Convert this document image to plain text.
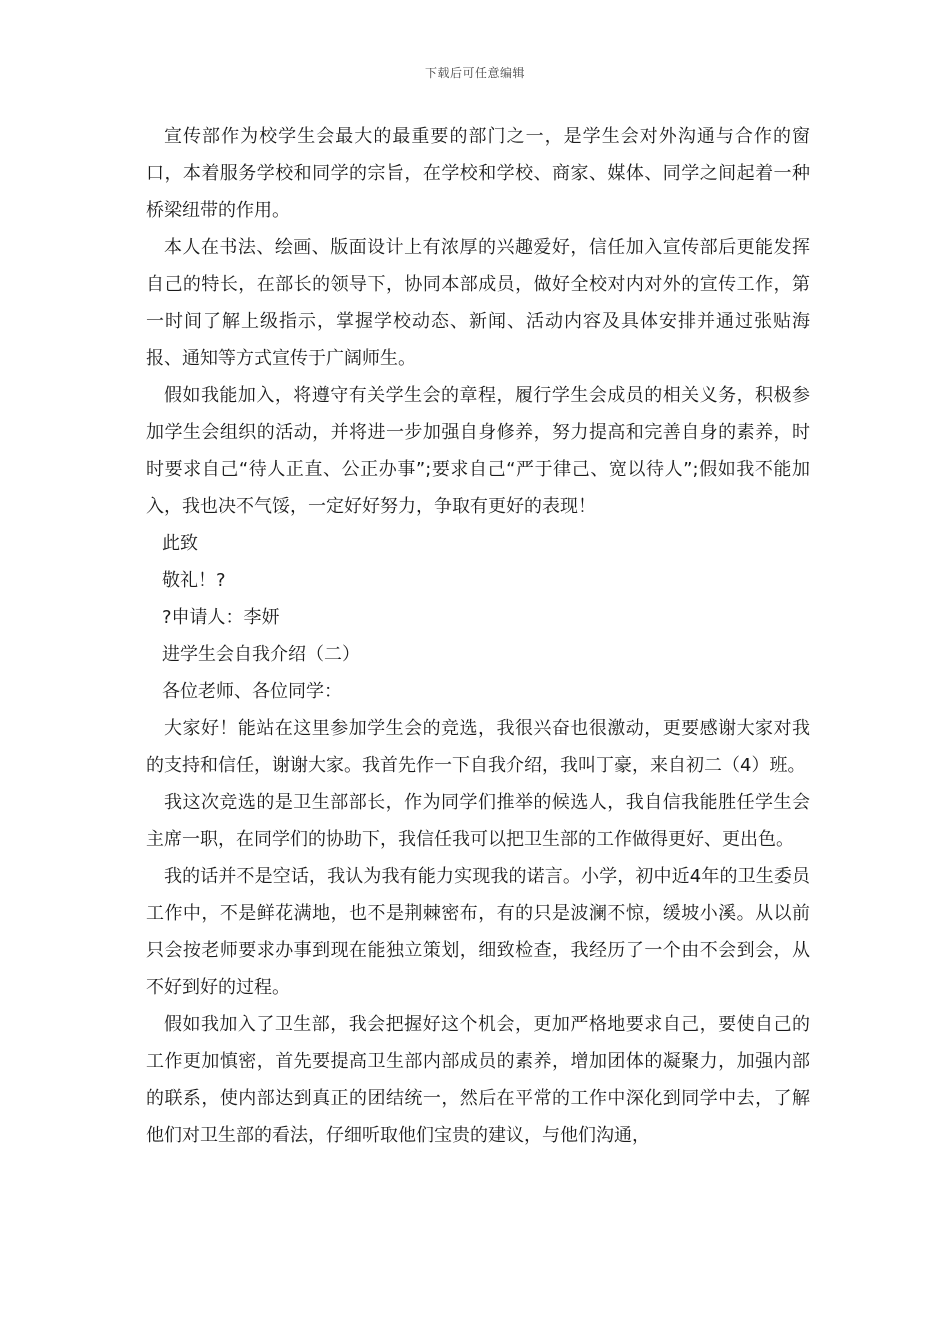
下载后可任意编辑

宣传部作为校学生会最大的最重要的部门之一，是学生会对外沟通与合作的窗口，本着服务学校和同学的宗旨，在学校和学校、商家、媒体、同学之间起着一种桥梁纽带的作用。

本人在书法、绘画、版面设计上有浓厚的兴趣爱好，信任加入宣传部后更能发挥自己的特长，在部长的领导下，协同本部成员，做好全校对内对外的宣传工作，第一时间了解上级指示，掌握学校动态、新闻、活动内容及具体安排并通过张贴海报、通知等方式宣传于广阔师生。

假如我能加入，将遵守有关学生会的章程，履行学生会成员的相关义务，积极参加学生会组织的活动，并将进一步加强自身修养，努力提高和完善自身的素养，时时要求自己“待人正直、公正办事”;要求自己“严于律己、宽以待人”;假如我不能加入，我也决不气馁，一定好好努力，争取有更好的表现！

此致

敬礼！?

?申请人：李妍

进学生会自我介绍（二）

各位老师、各位同学：

大家好！能站在这里参加学生会的竞选，我很兴奋也很激动，更要感谢大家对我的支持和信任，谢谢大家。我首先作一下自我介绍，我叫丁豪，来自初二（4）班。

我这次竞选的是卫生部部长，作为同学们推举的候选人，我自信我能胜任学生会主席一职，在同学们的协助下，我信任我可以把卫生部的工作做得更好、更出色。

我的话并不是空话，我认为我有能力实现我的诺言。小学，初中近4年的卫生委员工作中，不是鲜花满地，也不是荆棘密布，有的只是波澜不惊，缓坡小溪。从以前只会按老师要求办事到现在能独立策划，细致检查，我经历了一个由不会到会，从不好到好的过程。

假如我加入了卫生部，我会把握好这个机会，更加严格地要求自己，要使自己的工作更加慎密，首先要提高卫生部内部成员的素养，增加团体的凝聚力，加强内部的联系，使内部达到真正的团结统一，然后在平常的工作中深化到同学中去，了解他们对卫生部的看法，仔细听取他们宝贵的建议，与他们沟通，
